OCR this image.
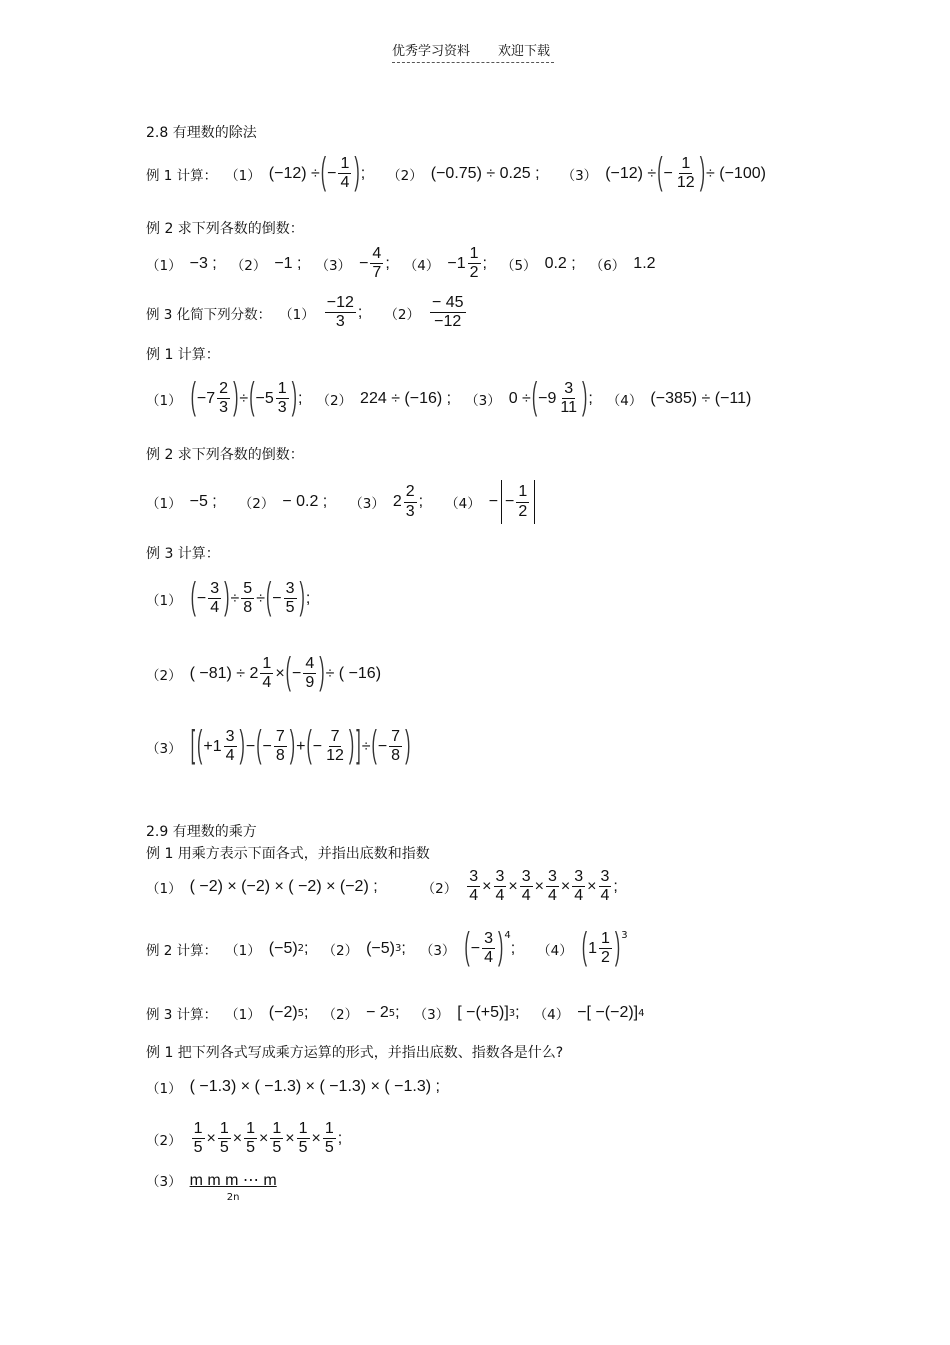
优秀学习资料 欢迎下载
2.8 有理数的除法
例 1 计算： （1） (−12) ÷ ( − $\frac{1}{4}$ ) ; （2） (−0.75) ÷ 0.25 ; （3） (−12) ÷ ( − $\frac{1}{12}$ ) ÷ (−100)
例 2 求下列各数的倒数：
（1） −3 ; （2） −1 ; $(3) - \frac{4}{7}$ ; $(4) -1 \frac{1}{2}$ ; （5） 0.2 ; （6） 1.2
例 3 化简下列分数： $(1) \frac{-12}{3}$ ; $(2) \frac{- 45}{-12}$
例 1 计算：
（1） ( $-7 \frac{2}{3}$ ) ÷ ( $-5 \frac{1}{3}$ ) ; （2） 224 ÷ (−16) ; （3） 0 ÷ ( $-9 \frac{3}{11}$ ) ; （4） (−385) ÷ (−11)
例 2 求下列各数的倒数：
（1） −5 ; （2） − 0.2 ; （3） $2 \frac{2}{3}$ ; （4） − − $\frac{1}{2}$
例 3 计算：
（1） ( − $\frac{3}{4}$ ) ÷ $\frac{5}{8}$ ÷ ( − $\frac{3}{5}$ ) ;
（2） ( $-81) \div 2 \frac{1}{4}$ × ( − $\frac{4}{9}$ ) ÷ ( −16)
（3） [ ( $+1 \frac{3}{4}$ ) − ( − $\frac{7}{8}$ ) + ( − $\frac{7}{12}$ ) ] ÷ ( − $\frac{7}{8}$ )
2.9 有理数的乘方
例 1 用乘方表示下面各式，并指出底数和指数
（1） ( −2) × (−2) × ( −2) × (−2) ;	$(2) \frac{3}{4} \times \frac{3}{4} \times \frac{3}{4} \times \frac{3}{4} \times \frac{3}{4} \times \frac{3}{4}$ ;
例 2 计算： （1） (−5) 2 ; （2） (−5) 3 ; （3） ( − $\frac{3}{4} )^4$
; （4） ( $1 \frac{1}{2} )^3$
例 3 计算： （1） (−2) 5 ; （2） − 2 5 ; （3） [ −(+5)] 3 ; （4） −[ −(−2)] 4
例 1 把下列各式写成乘方运算的形式，并指出底数、指数各是什么?
（1） ( −1.3) × ( −1.3) × ( −1.3) × ( −1.3) ;
$(2) \frac{1}{5} \times \frac{1}{5} \times \frac{1}{5} \times \frac{1}{5} \times \frac{1}{5} \times \frac{1}{5}$ ;
（3） m m m ⋯ m
2n
